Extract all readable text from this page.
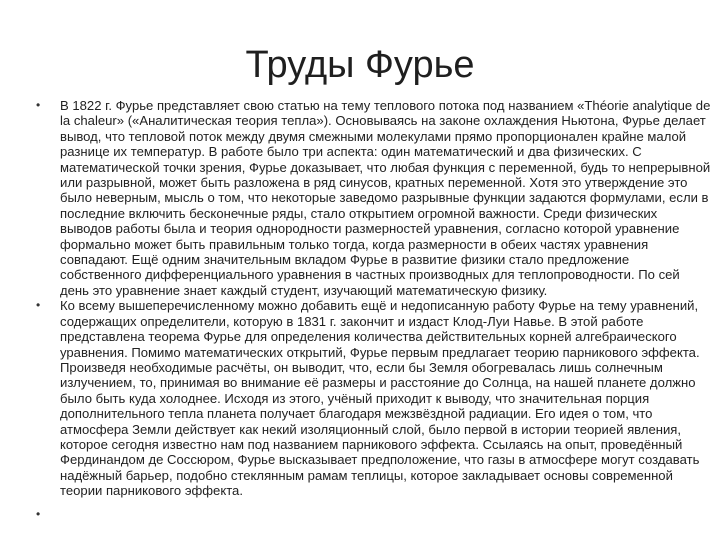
Труды Фурье
• В 1822 г. Фурье представляет свою статью на тему теплового потока под названием «Théorie analytique de la chaleur» («Аналитическая теория тепла»). Основываясь на законе охлаждения Ньютона, Фурье делает вывод, что тепловой поток между двумя смежными молекулами прямо пропорционален крайне малой разнице их температур. В работе было три аспекта: один математический и два физических. С математической точки зрения, Фурье доказывает, что любая функция с переменной, будь то непрерывной или разрывной, может быть разложена в ряд синусов, кратных переменной. Хотя это утверждение это было неверным, мысль о том, что некоторые заведомо разрывные функции задаются формулами, если в последние включить бесконечные ряды, стало открытием огромной важности. Среди физических выводов работы была и теория однородности размерностей уравнения, согласно которой уравнение формально может быть правильным только тогда, когда размерности в обеих частях уравнения совпадают. Ещё одним значительным вкладом Фурье в развитие физики стало предложение собственного дифференциального уравнения в частных производных для теплопроводности. По сей день это уравнение знает каждый студент, изучающий математическую физику.
• Ко всему вышеперечисленному можно добавить ещё и недописанную работу Фурье на тему уравнений, содержащих определители, которую в 1831 г. закончит и издаст Клод-Луи Навье. В этой работе представлена теорема Фурье для определения количества действительных корней алгебраического уравнения. Помимо математических открытий, Фурье первым предлагает теорию парникового эффекта. Произведя необходимые расчёты, он выводит, что, если бы Земля обогревалась лишь солнечным излучением, то, принимая во внимание её размеры и расстояние до Солнца, на нашей планете должно было быть куда холоднее. Исходя из этого, учёный приходит к выводу, что значительная порция дополнительного тепла планета получает благодаря межзвёздной радиации. Его идея о том, что атмосфера Земли действует как некий изоляционный слой, было первой в истории теорией явления, которое сегодня известно нам под названием парникового эффекта. Ссылаясь на опыт, проведённый Фердинандом де Соссюром, Фурье высказывает предположение, что газы в атмосфере могут создавать надёжный барьер, подобно стеклянным рамам теплицы, которое закладывает основы современной теории парникового эффекта.
•
